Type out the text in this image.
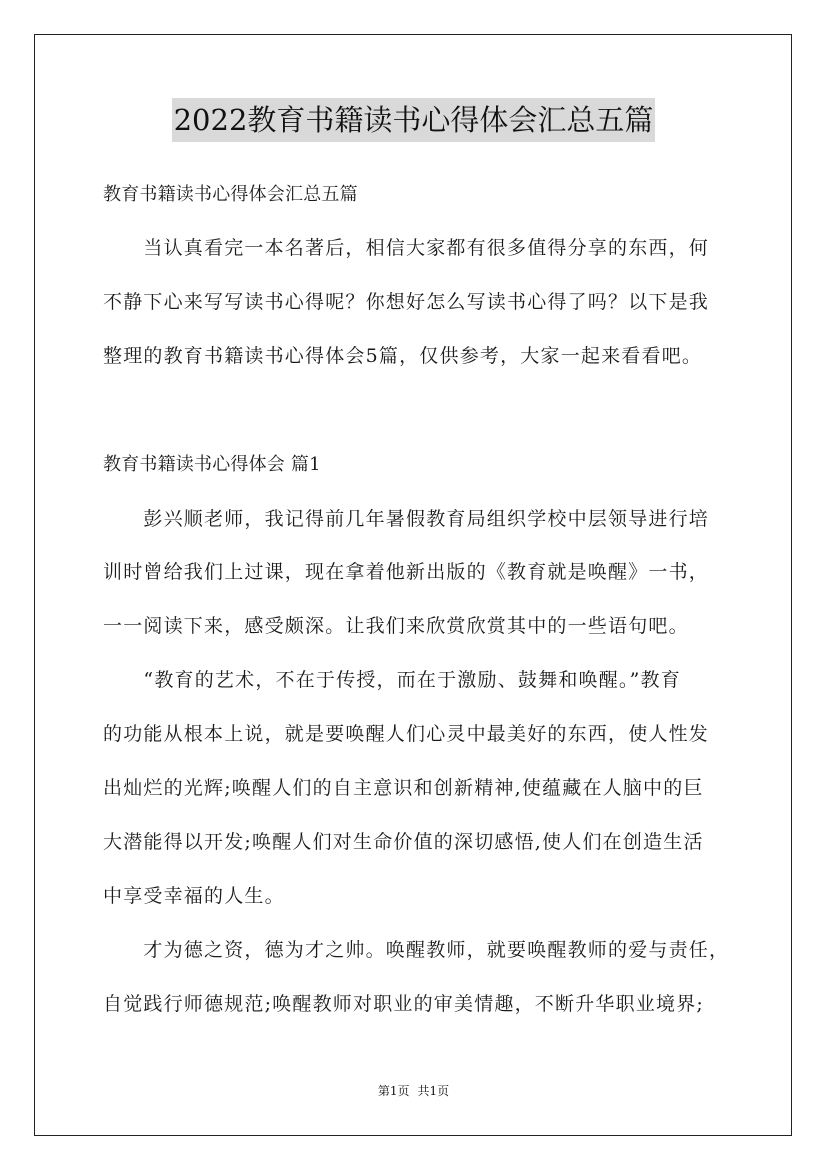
2022教育书籍读书心得体会汇总五篇
教育书籍读书心得体会汇总五篇
　　当认真看完一本名著后，相信大家都有很多值得分享的东西，何
不静下心来写写读书心得呢？你想好怎么写读书心得了吗？以下是我
整理的教育书籍读书心得体会5篇，仅供参考，大家一起来看看吧。
教育书籍读书心得体会 篇1
　　彭兴顺老师，我记得前几年暑假教育局组织学校中层领导进行培
训时曾给我们上过课，现在拿着他新出版的《教育就是唤醒》一书，
一一阅读下来，感受颇深。让我们来欣赏欣赏其中的一些语句吧。
　　“教育的艺术，不在于传授，而在于激励、鼓舞和唤醒。”教育
的功能从根本上说，就是要唤醒人们心灵中最美好的东西，使人性发
出灿烂的光辉;唤醒人们的自主意识和创新精神,使蕴藏在人脑中的巨
大潜能得以开发;唤醒人们对生命价值的深切感悟,使人们在创造生活
中享受幸福的人生。
　　才为德之资，德为才之帅。唤醒教师，就要唤醒教师的爱与责任，
自觉践行师德规范;唤醒教师对职业的审美情趣，不断升华职业境界;
第1页 共1页
